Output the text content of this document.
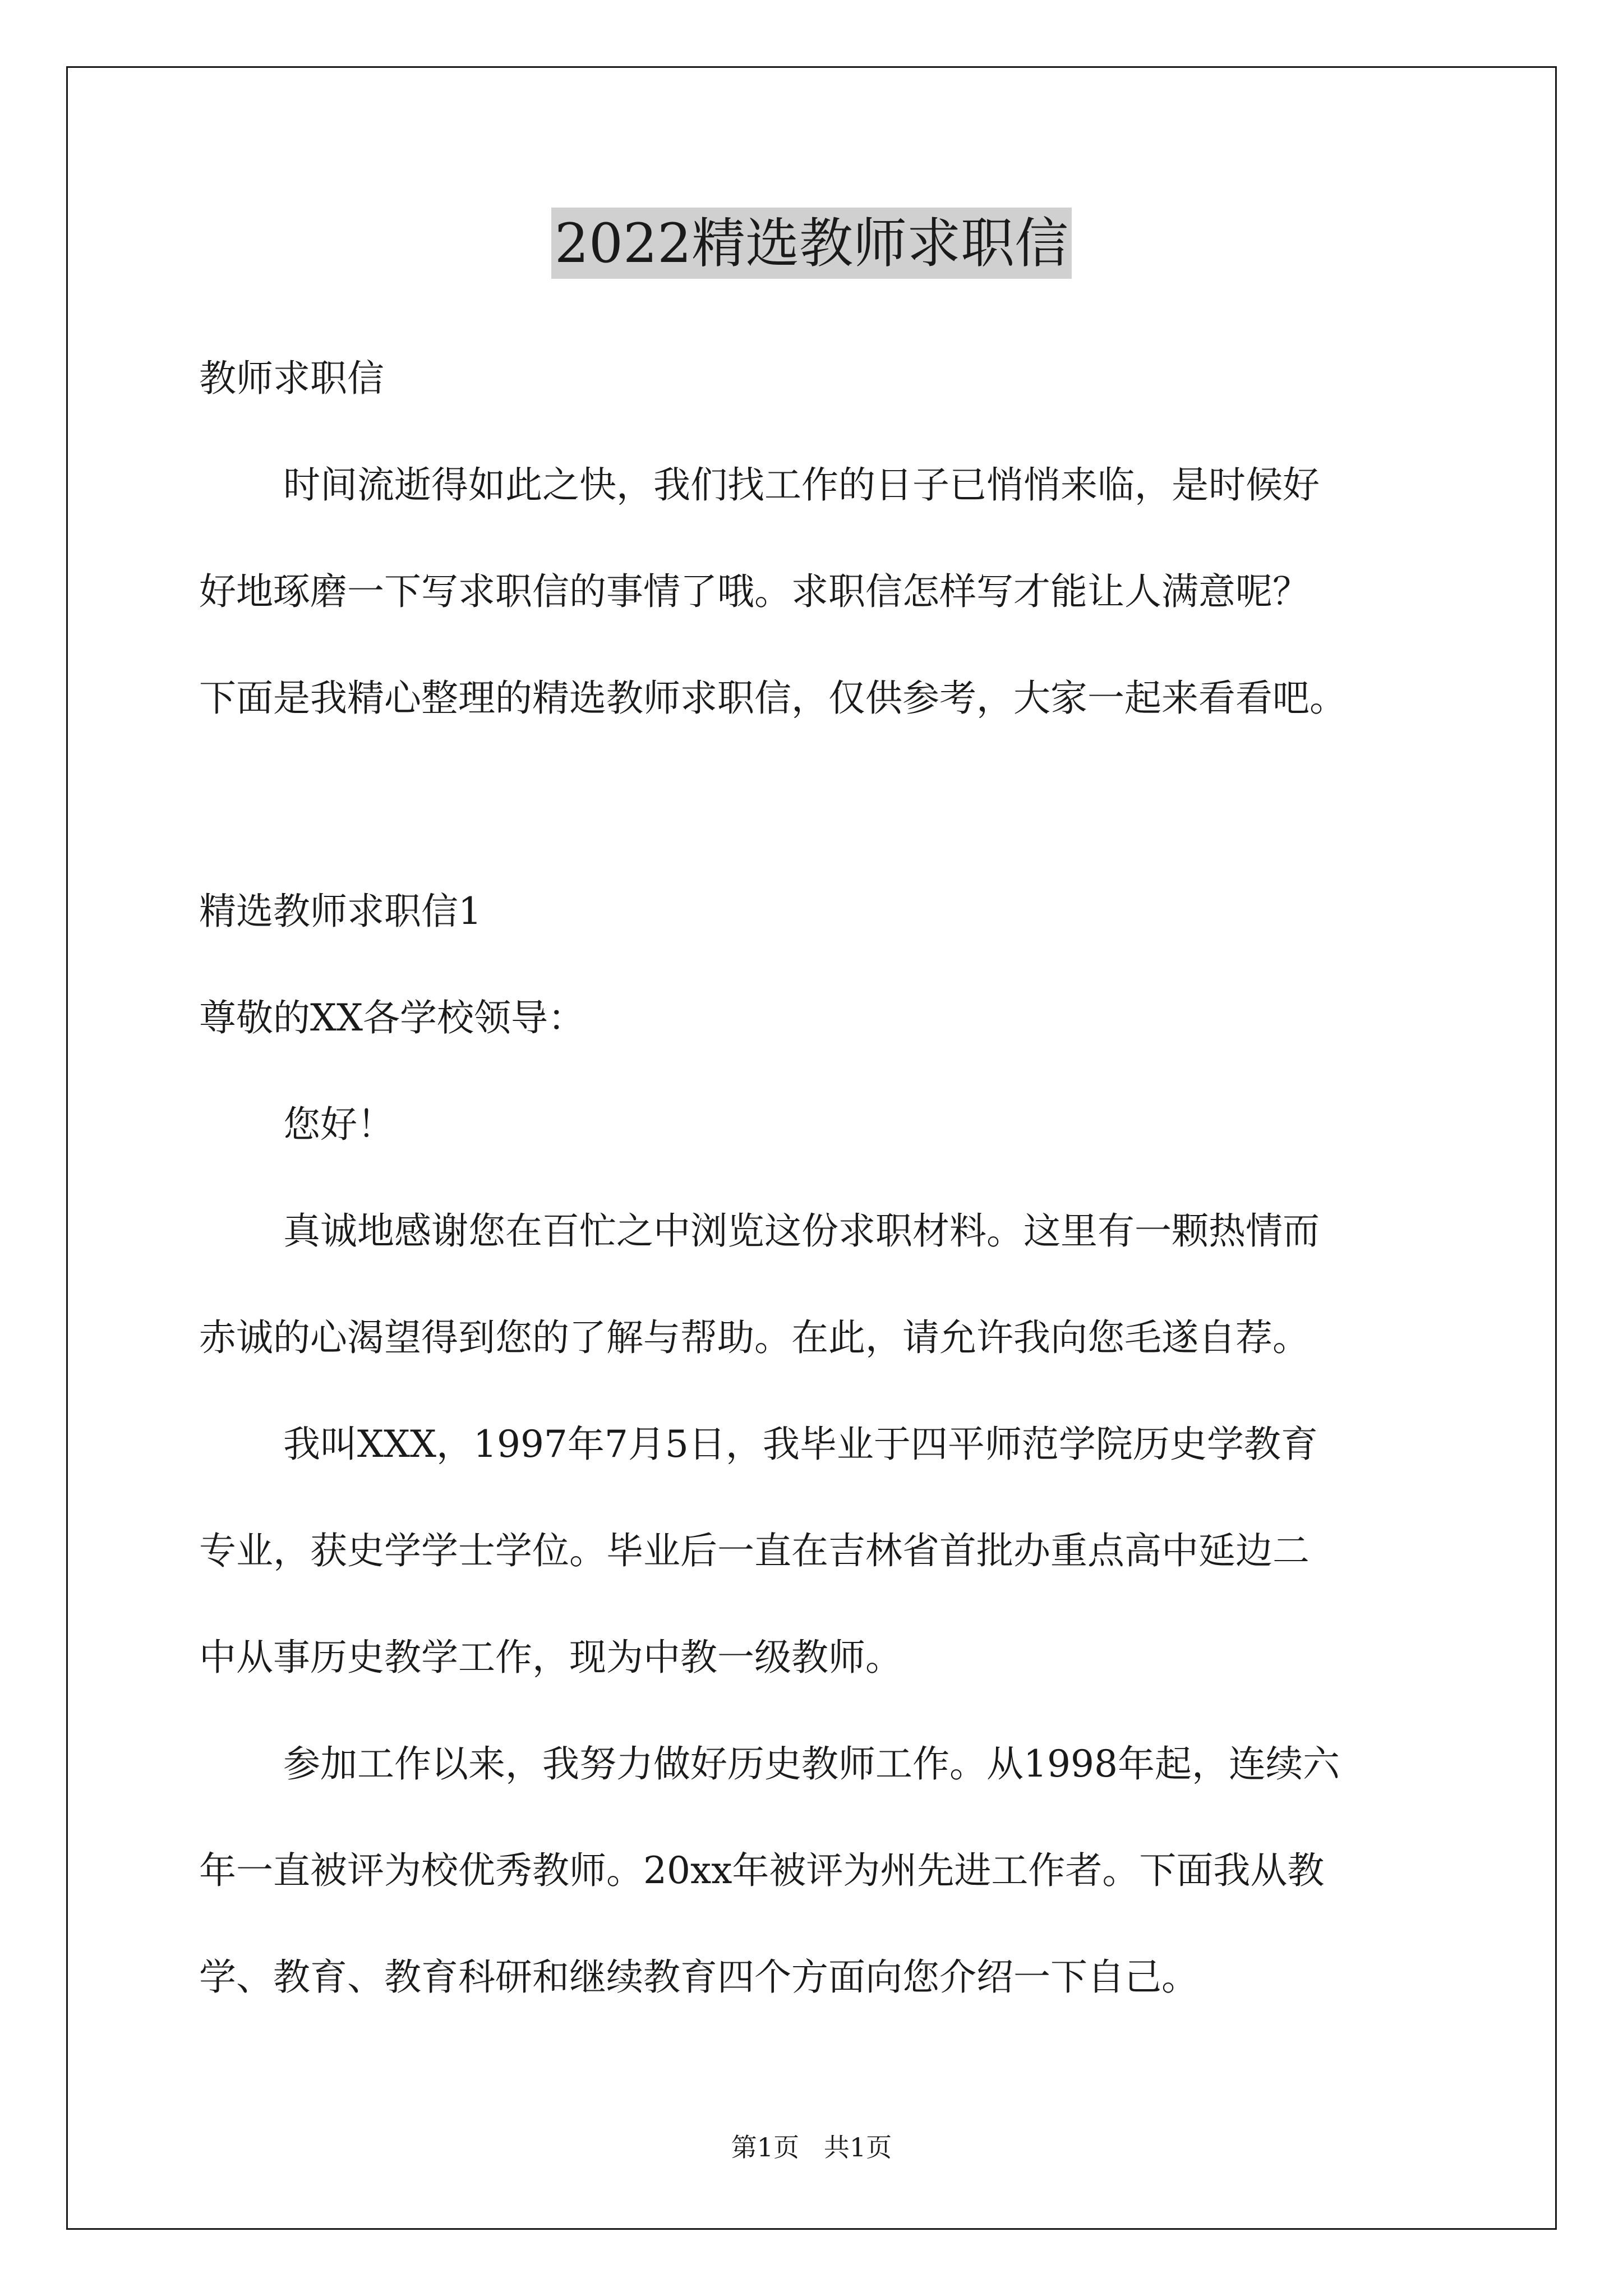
2022精选教师求职信

教师求职信

时间流逝得如此之快，我们找工作的日子已悄悄来临，是时候好

好地琢磨一下写求职信的事情了哦。求职信怎样写才能让人满意呢？

下面是我精心整理的精选教师求职信，仅供参考，大家一起来看看吧。

精选教师求职信1

尊敬的XX各学校领导：

您好！

真诚地感谢您在百忙之中浏览这份求职材料。这里有一颗热情而

赤诚的心渴望得到您的了解与帮助。在此，请允许我向您毛遂自荐。

我叫XXX，1997年7月5日，我毕业于四平师范学院历史学教育

专业，获史学学士学位。毕业后一直在吉林省首批办重点高中延边二

中从事历史教学工作，现为中教一级教师。

参加工作以来，我努力做好历史教师工作。从1998年起，连续六

年一直被评为校优秀教师。20xx年被评为州先进工作者。下面我从教

学、教育、教育科研和继续教育四个方面向您介绍一下自己。

第1页   共1页
